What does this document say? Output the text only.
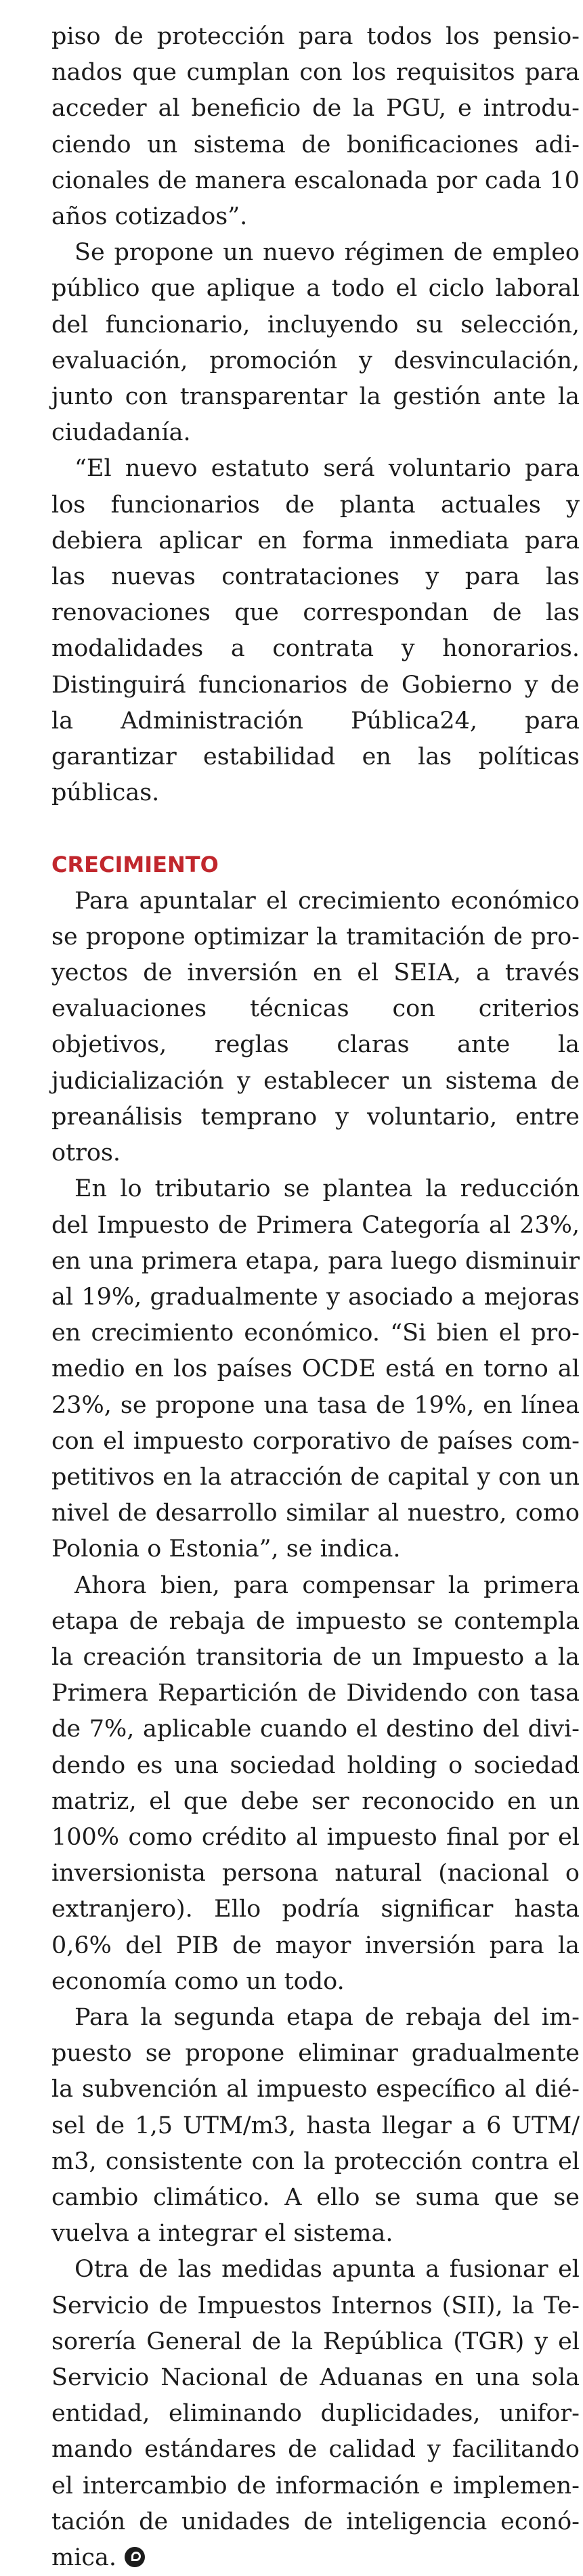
piso de protección para todos los pensionados que cumplan con los requisitos para acceder al beneficio de la PGU, e introduciendo un sistema de bonificaciones adicionales de manera escalonada por cada 10 años cotizados”.

Se propone un nuevo régimen de empleo público que aplique a todo el ciclo laboral del funcionario, incluyendo su selección, evaluación, promoción y desvinculación, junto con transparentar la gestión ante la ciudadanía.

“El nuevo estatuto será voluntario para los funcionarios de planta actuales y debiera aplicar en forma inmediata para las nuevas contrataciones y para las renovaciones que correspondan de las modalidades a contrata y honorarios. Distinguirá funcionarios de Gobierno y de la Administración Pública24, para garantizar estabilidad en las políticas públicas.

CRECIMIENTO

Para apuntalar el crecimiento económico se propone optimizar la tramitación de proyectos de inversión en el SEIA, a través evaluaciones técnicas con criterios objetivos, reglas claras ante la judicialización y establecer un sistema de preanálisis temprano y voluntario, entre otros.

En lo tributario se plantea la reducción del Impuesto de Primera Categoría al 23%, en una primera etapa, para luego disminuir al 19%, gradualmente y asociado a mejoras en crecimiento económico. “Si bien el promedio en los países OCDE está en torno al 23%, se propone una tasa de 19%, en línea con el impuesto corporativo de países competitivos en la atracción de capital y con un nivel de desarrollo similar al nuestro, como Polonia o Estonia”, se indica.

Ahora bien, para compensar la primera etapa de rebaja de impuesto se contempla la creación transitoria de un Impuesto a la Primera Repartición de Dividendo con tasa de 7%, aplicable cuando el destino del dividendo es una sociedad holding o sociedad matriz, el que debe ser reconocido en un 100% como crédito al impuesto final por el inversionista persona natural (nacional o extranjero). Ello podría significar hasta 0,6% del PIB de mayor inversión para la economía como un todo.

Para la segunda etapa de rebaja del impuesto se propone eliminar gradualmente la subvención al impuesto específico al diésel de 1,5 UTM/m3, hasta llegar a 6 UTM/ m3, consistente con la protección contra el cambio climático. A ello se suma que se vuelva a integrar el sistema.

Otra de las medidas apunta a fusionar el Servicio de Impuestos Internos (SII), la Tesorería General de la República (TGR) y el Servicio Nacional de Aduanas en una sola entidad, eliminando duplicidades, uniformando estándares de calidad y facilitando el intercambio de información e implementación de unidades de inteligencia económica.
